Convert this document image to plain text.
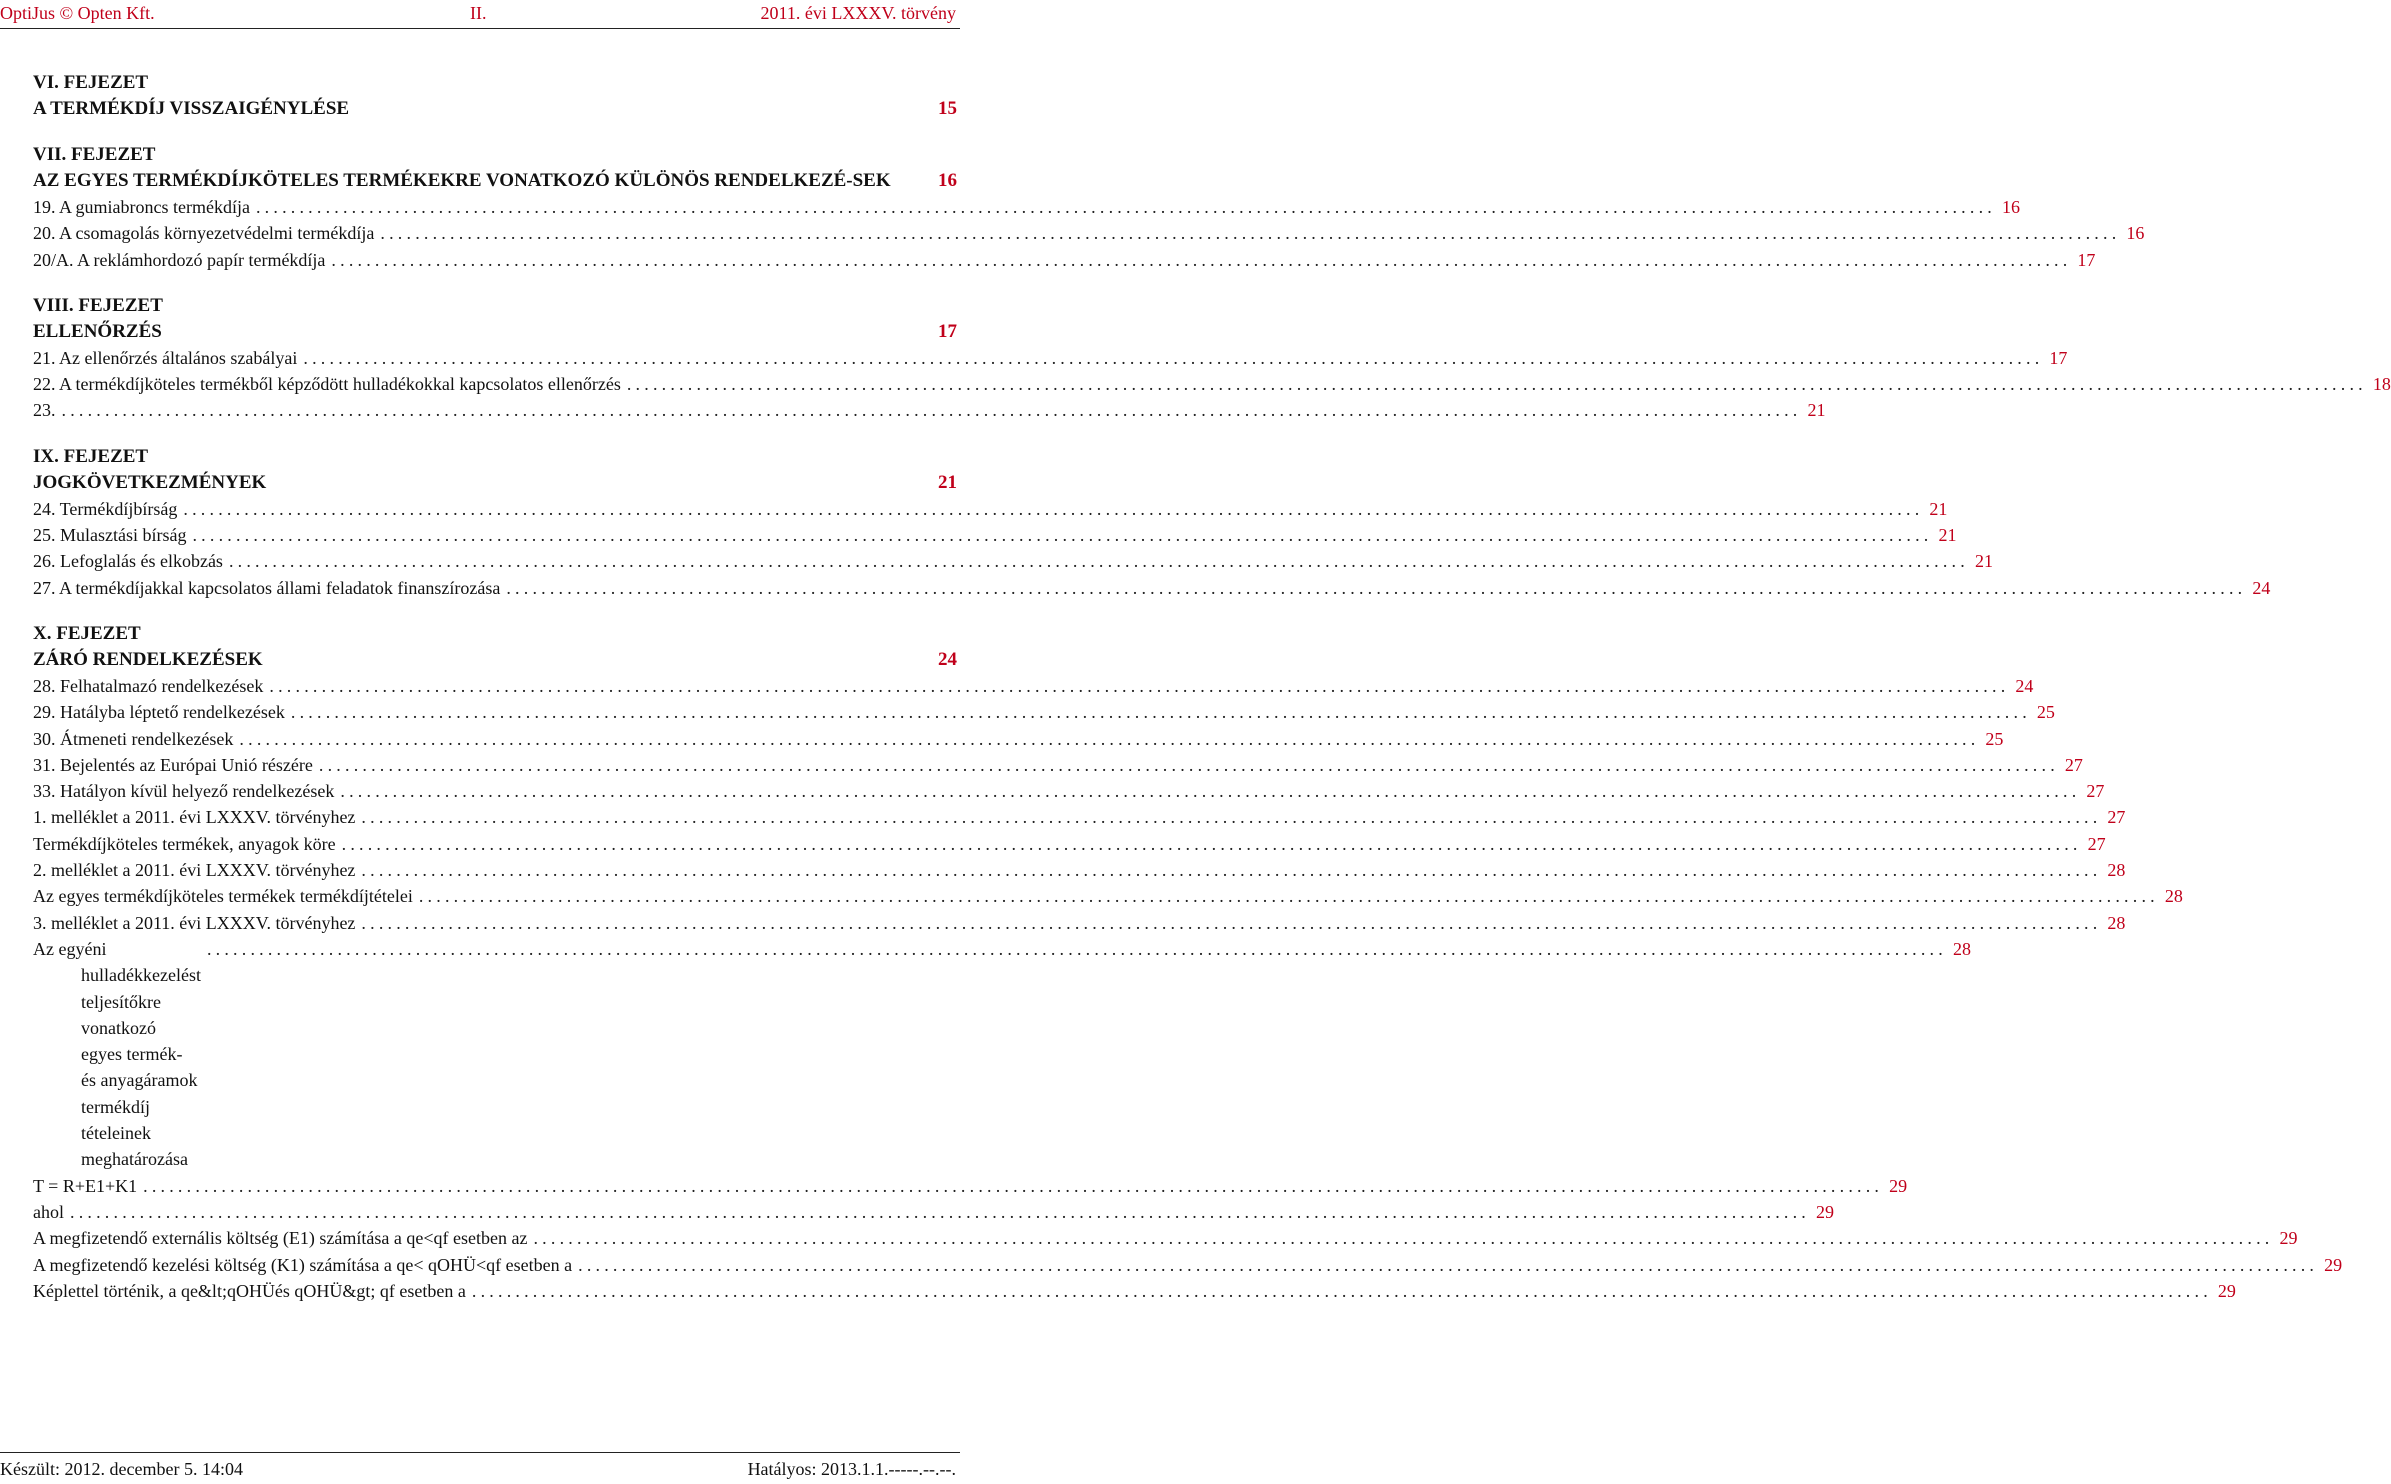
OptiJus © Opten Kft.	II.	2011. évi LXXXV. törvény
VI. FEJEZET
A TERMÉKDÍJ VISSZAIGÉNYLÉSE	15
VII. FEJEZET
AZ EGYES TERMÉKDÍJKÖTELES TERMÉKEKRE VONATKOZÓ KÜLÖNÖS RENDELKEZÉ-SEK 16
19. A gumiabroncs termékdíja ........................................................................................................................................................................................................ 16
20. A csomagolás környezetvédelmi termékdíja ........................................................................................................................................................................................................ 16
20/A. A reklámhordozó papír termékdíja ........................................................................................................................................................................................................ 17
VIII. FEJEZET
ELLENŐRZÉS	17
21. Az ellenőrzés általános szabályai ........................................................................................................................................................................................................ 17
22. A termékdíjköteles termékből képződött hulladékokkal kapcsolatos ellenőrzés ........................................................................................................................................................................................................ 18
23. ........................................................................................................................................................................................................ 21
IX. FEJEZET
JOGKÖVETKEZMÉNYEK	21
24. Termékdíjbírság ........................................................................................................................................................................................................ 21
25. Mulasztási bírság ........................................................................................................................................................................................................ 21
26. Lefoglalás és elkobzás ........................................................................................................................................................................................................ 21
27. A termékdíjakkal kapcsolatos állami feladatok finanszírozása ........................................................................................................................................................................................................ 24
X. FEJEZET
ZÁRÓ RENDELKEZÉSEK	24
28. Felhatalmazó rendelkezések ........................................................................................................................................................................................................ 24
29. Hatályba léptető rendelkezések ........................................................................................................................................................................................................ 25
30. Átmeneti rendelkezések ........................................................................................................................................................................................................ 25
31. Bejelentés az Európai Unió részére ........................................................................................................................................................................................................ 27
33. Hatályon kívül helyező rendelkezések ........................................................................................................................................................................................................ 27
1. melléklet a 2011. évi LXXXV. törvényhez ........................................................................................................................................................................................................ 27
Termékdíjköteles termékek, anyagok köre ........................................................................................................................................................................................................ 27
2. melléklet a 2011. évi LXXXV. törvényhez ........................................................................................................................................................................................................ 28
Az egyes termékdíjköteles termékek termékdíjtételei ........................................................................................................................................................................................................ 28
3. melléklet a 2011. évi LXXXV. törvényhez ........................................................................................................................................................................................................ 28
Az egyéni hulladékkezelést teljesítőkre vonatkozó egyes termék- és anyagáramok termékdíj tételeinek meghatározása
........................................................................................................................................................................................................ 28
T = R+E1+K1 ........................................................................................................................................................................................................ 29
ahol ........................................................................................................................................................................................................ 29
A megfizetendő externális költség (E1) számítása a qe<qf esetben az ........................................................................................................................................................................................................ 29
A megfizetendő kezelési költség (K1) számítása a qe< qOHÜ<qf esetben a ........................................................................................................................................................................................................ 29
Képlettel történik, a qe&lt;qOHÜés qOHÜ&gt; qf esetben a ........................................................................................................................................................................................................ 29
Készült: 2012. december 5. 14:04	Hatályos: 2013.1.1.-----.--.--.
